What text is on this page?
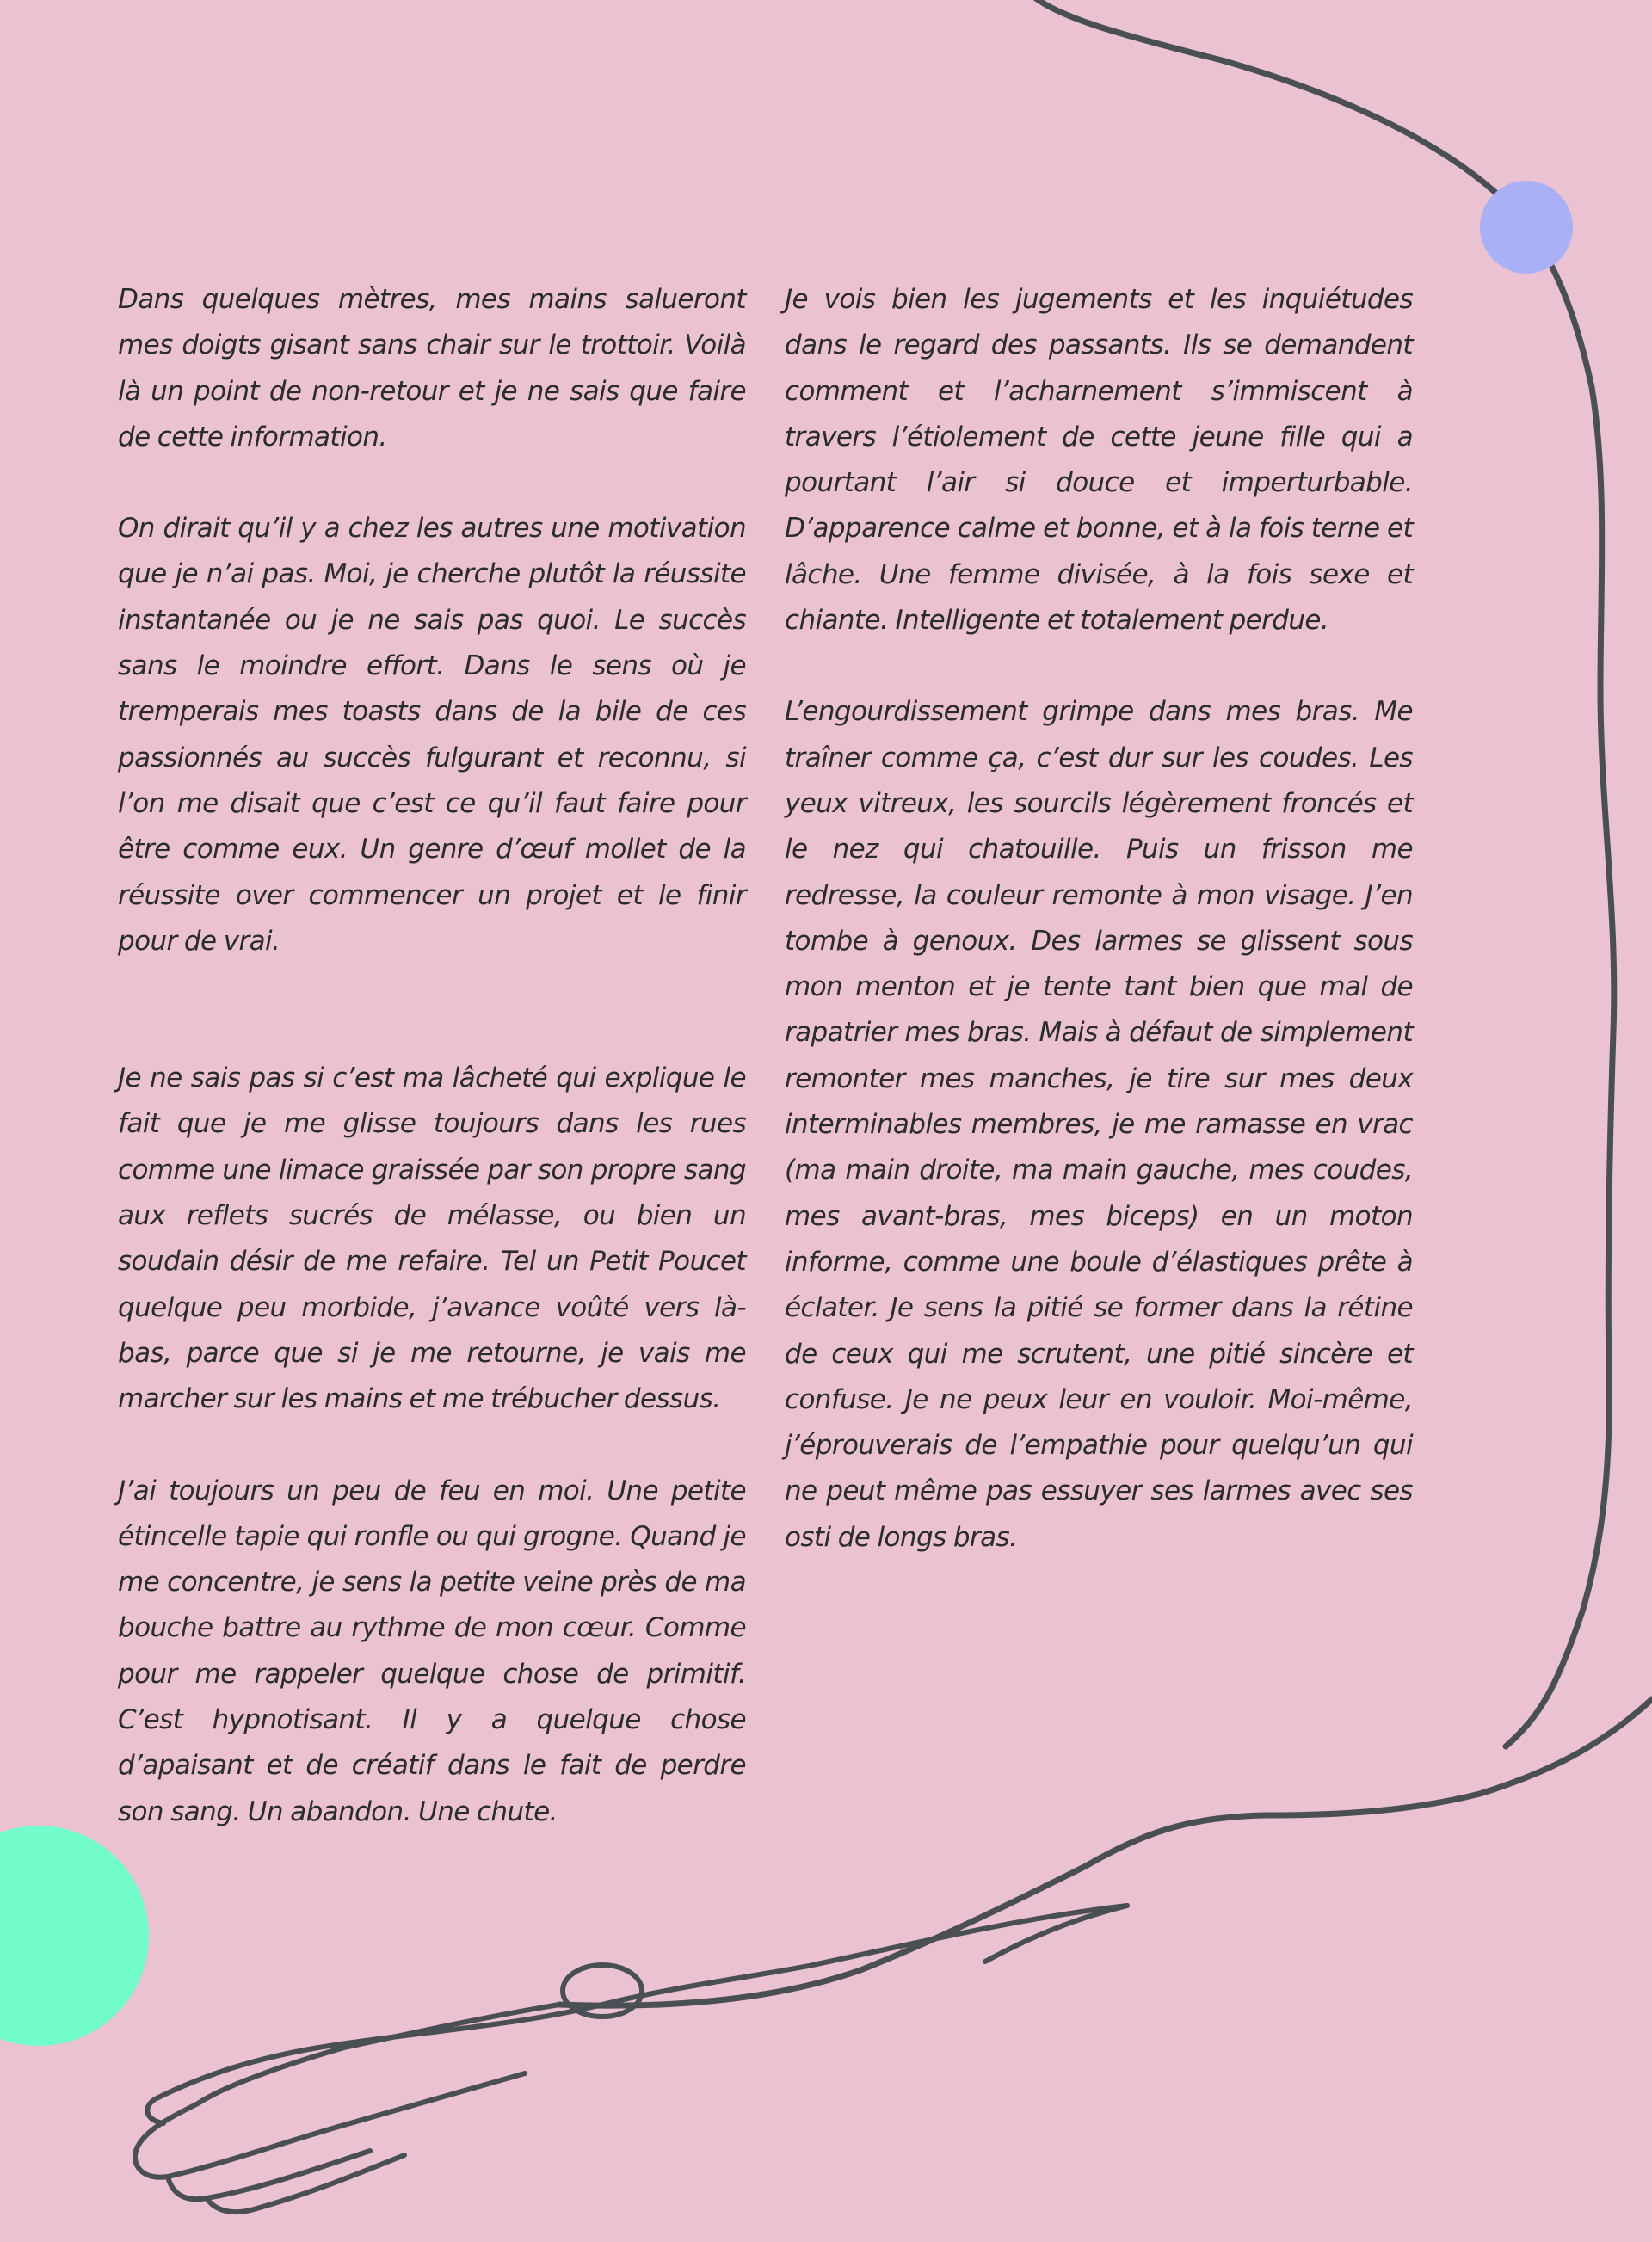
Dans quelques mètres, mes mains salueront mes doigts gisant sans chair sur le trottoir. Voilà là un point de non-retour et je ne sais que faire de cette information.

On dirait qu’il y a chez les autres une motivation que je n’ai pas. Moi, je cherche plutôt la réussite instantanée ou je ne sais pas quoi. Le succès sans le moindre effort. Dans le sens où je tremperais mes toasts dans de la bile de ces passionnés au succès fulgurant et reconnu, si l’on me disait que c’est ce qu’il faut faire pour être comme eux. Un genre d’œuf mollet de la réussite over commencer un projet et le finir pour de vrai.

Je ne sais pas si c’est ma lâcheté qui explique le fait que je me glisse toujours dans les rues comme une limace graissée par son propre sang aux reflets sucrés de mélasse, ou bien un soudain désir de me refaire. Tel un Petit Poucet quelque peu morbide, j’avance voûté vers là-bas, parce que si je me retourne, je vais me marcher sur les mains et me trébucher dessus.

J’ai toujours un peu de feu en moi. Une petite étincelle tapie qui ronfle ou qui grogne. Quand je me concentre, je sens la petite veine près de ma bouche battre au rythme de mon cœur. Comme pour me rappeler quelque chose de primitif. C’est hypnotisant. Il y a quelque chose d’apaisant et de créatif dans le fait de perdre son sang. Un abandon. Une chute.

Je vois bien les jugements et les inquiétudes dans le regard des passants. Ils se demandent comment et l’acharnement s’immiscent à travers l’étiolement de cette jeune fille qui a pourtant l’air si douce et imperturbable. D’apparence calme et bonne, et à la fois terne et lâche. Une femme divisée, à la fois sexe et chiante. Intelligente et totalement perdue.

L’engourdissement grimpe dans mes bras. Me traîner comme ça, c’est dur sur les coudes. Les yeux vitreux, les sourcils légèrement froncés et le nez qui chatouille. Puis un frisson me redresse, la couleur remonte à mon visage. J’en tombe à genoux. Des larmes se glissent sous mon menton et je tente tant bien que mal de rapatrier mes bras. Mais à défaut de simplement remonter mes manches, je tire sur mes deux interminables membres, je me ramasse en vrac (ma main droite, ma main gauche, mes coudes, mes avant-bras, mes biceps) en un moton informe, comme une boule d’élastiques prête à éclater. Je sens la pitié se former dans la rétine de ceux qui me scrutent, une pitié sincère et confuse. Je ne peux leur en vouloir. Moi-même, j’éprouverais de l’empathie pour quelqu’un qui ne peut même pas essuyer ses larmes avec ses osti de longs bras.
